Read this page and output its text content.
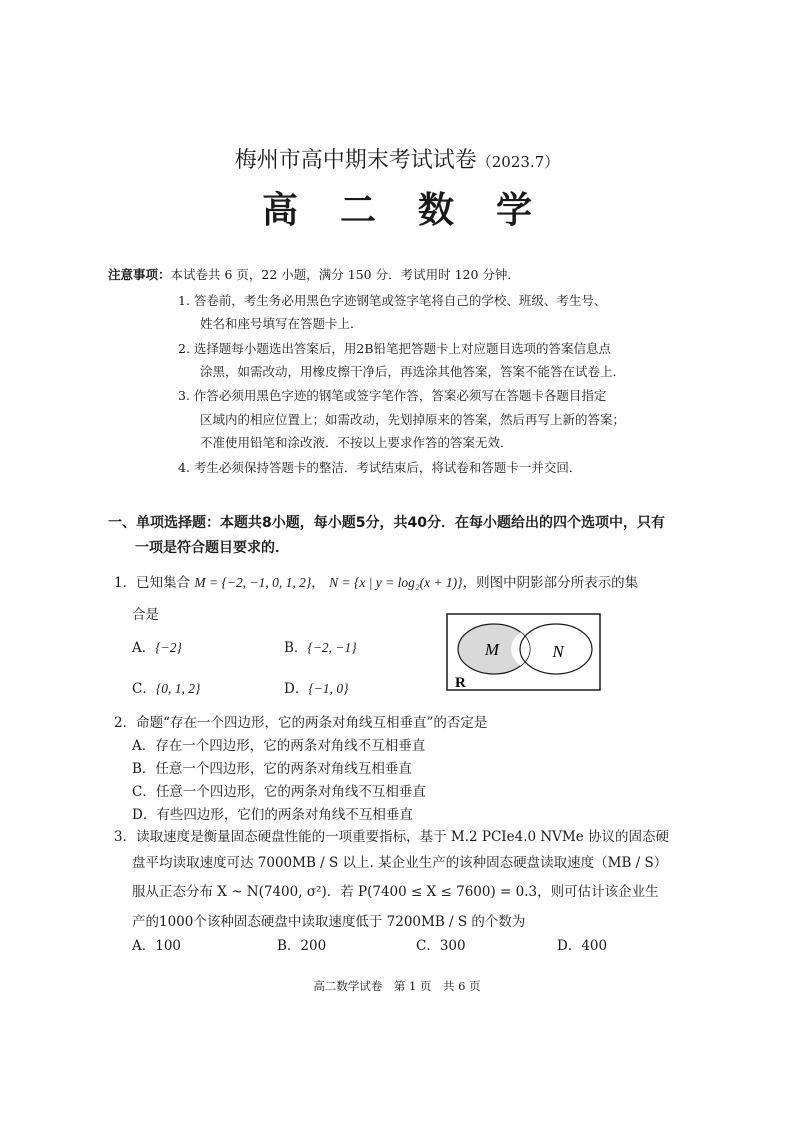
梅州市高中期末考试试卷（2023.7）
高二数学
注意事项：本试卷共 6 页，22 小题，满分 150 分．考试用时 120 分钟．
1. 答卷前，考生务必用黑色字迹钢笔或签字笔将自己的学校、班级、考生号、
姓名和座号填写在答题卡上．
2. 选择题每小题选出答案后，用2B铅笔把答题卡上对应题目选项的答案信息点
涂黑，如需改动，用橡皮擦干净后，再选涂其他答案，答案不能答在试卷上．
3. 作答必须用黑色字迹的钢笔或签字笔作答，答案必须写在答题卡各题目指定
区域内的相应位置上；如需改动，先划掉原来的答案，然后再写上新的答案；
不准使用铅笔和涂改液．不按以上要求作答的答案无效．
4. 考生必须保持答题卡的整洁．考试结束后，将试卷和答题卡一并交回．
一、单项选择题：本题共8小题，每小题5分，共40分．在每小题给出的四个选项中，只有
一项是符合题目要求的．
1．已知集合 M = {−2, −1, 0, 1, 2}， N = {x | y = log₂(x + 1)}，则图中阴影部分所表示的集
合是
A．{−2}	B．{−2, −1}
C．{0, 1, 2}	D．{−1, 0}
M	N
R
2．命题“存在一个四边形，它的两条对角线互相垂直”的否定是
A．存在一个四边形，它的两条对角线不互相垂直
B．任意一个四边形，它的两条对角线互相垂直
C．任意一个四边形，它的两条对角线不互相垂直
D．有些四边形，它们的两条对角线不互相垂直
3．读取速度是衡量固态硬盘性能的一项重要指标，基于 M.2 PCIe4.0 NVMe 协议的固态硬
盘平均读取速度可达 7000MB / S 以上. 某企业生产的该种固态硬盘读取速度（MB / S）
服从正态分布 X ~ N(7400, σ²)．若 P(7400 ≤ X ≤ 7600) = 0.3，则可估计该企业生
产的1000个该种固态硬盘中读取速度低于 7200MB / S 的个数为
A．100	B．200	C．300	D．400
高二数学试卷　第 1 页　共 6 页
